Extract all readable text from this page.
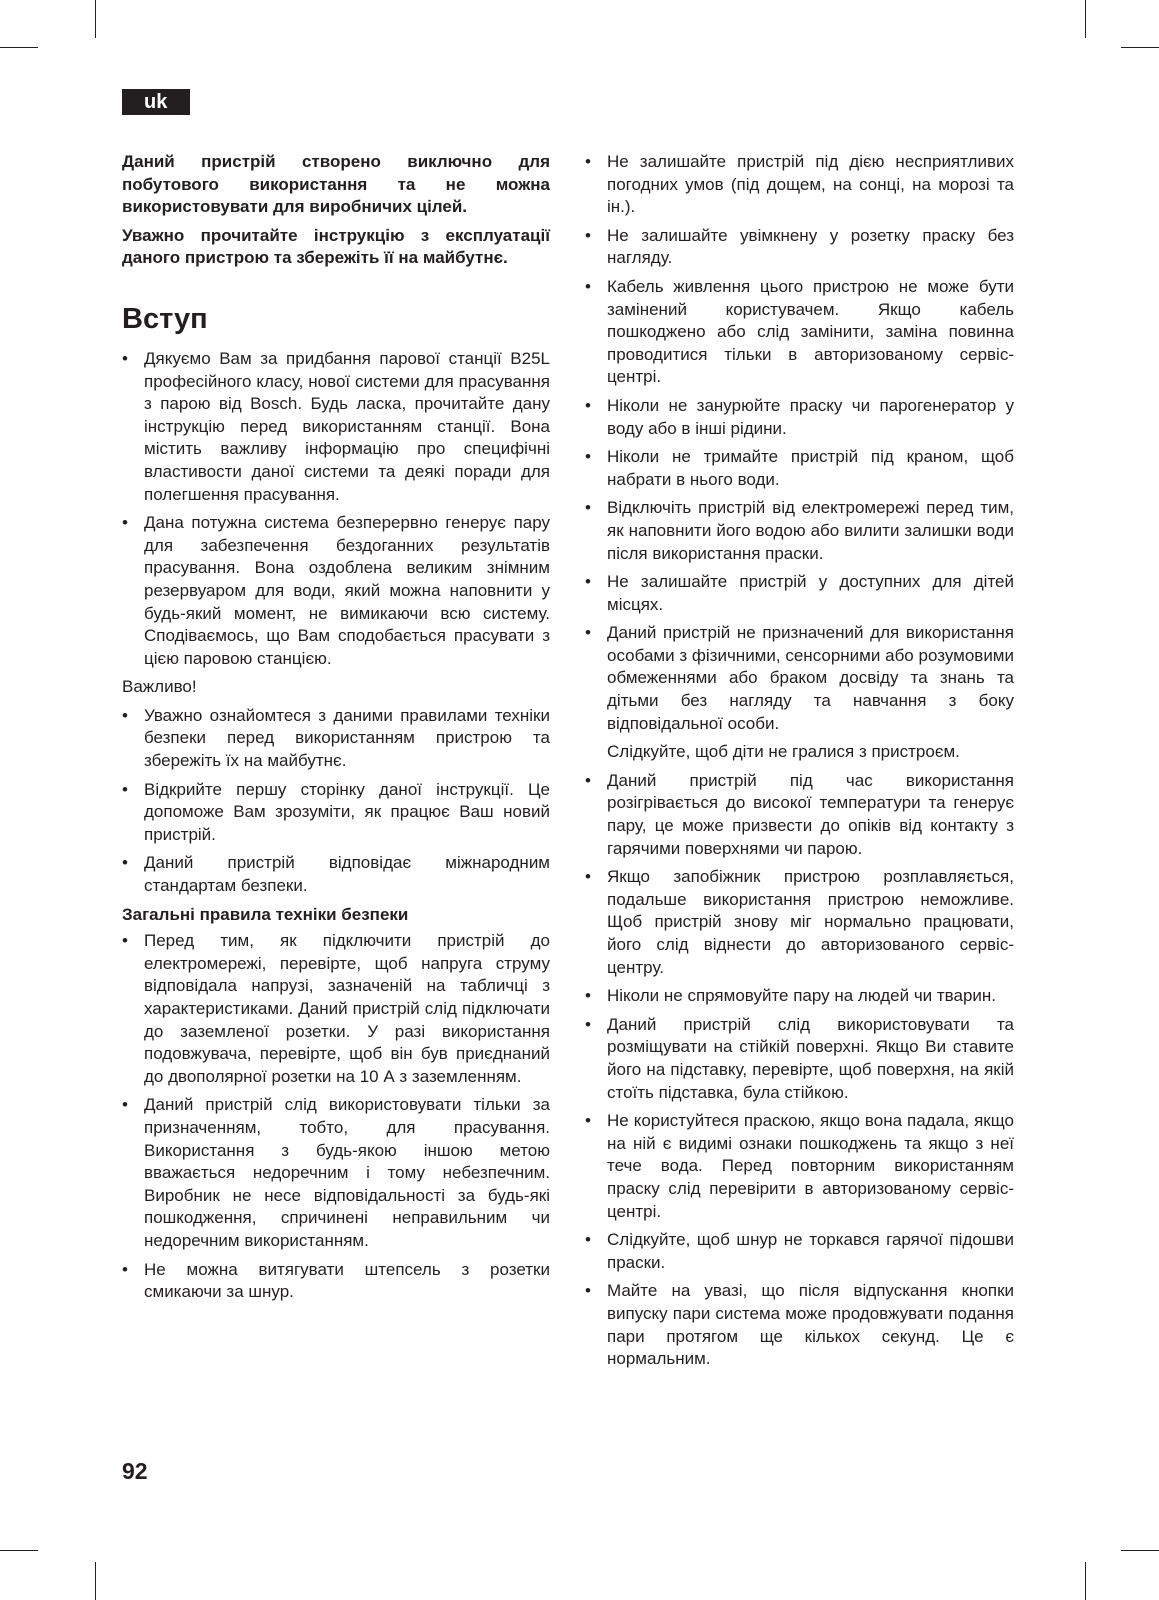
uk

Даний пристрій створено виключно для побутового використання та не можна використовувати для виробничих цілей.

Уважно прочитайте інструкцію з експлуатації даного пристрою та збережіть її на майбутнє.

Вступ
• Дякуємо Вам за придбання парової станції B25L професійного класу, нової системи для прасування з парою від Bosch. Будь ласка, прочитайте дану інструкцію перед використанням станції. Вона містить важливу інформацію про специфічні властивости даної системи та деякі поради для полегшення прасування.
• Дана потужна система безперервно генерує пару для забезпечення бездоганних результатів прасування. Вона оздоблена великим знімним резервуаром для води, який можна наповнити у будь-який момент, не вимикаючи всю систему. Сподіваємось, що Вам сподобається прасувати з цією паровою станцією.

Важливо!

• Уважно ознайомтеся з даними правилами техніки безпеки перед використанням пристрою та збережіть їх на майбутнє.
• Відкрийте першу сторінку даної інструкції. Це допоможе Вам зрозуміти, як працює Ваш новий пристрій.
• Даний пристрій відповідає міжнародним стандартам безпеки.
Загальні правила техніки безпеки
• Перед тим, як підключити пристрій до електромережі, перевірте, щоб напруга струму відповідала напрузі, зазначеній на табличці з характеристиками. Даний пристрій слід підключати до заземленої розетки. У разі використання подовжувача, перевірте, щоб він був приєднаний до двополярної розетки на 10 А з заземленням.
• Даний пристрій слід використовувати тільки за призначенням, тобто, для прасування. Використання з будь-якою іншою метою вважається недоречним і тому небезпечним. Виробник не несе відповідальності за будь-які пошкодження, спричинені неправильним чи недоречним використанням.
• Не можна витягувати штепсель з розетки смикаючи за шнур.
• Не залишайте пристрій під дією несприятливих погодних умов (під дощем, на сонці, на морозі та ін.).
• Не залишайте увімкнену у розетку праску без нагляду.
• Кабель живлення цього пристрою не може бути замінений користувачем. Якщо кабель пошкоджено або слід замінити, заміна повинна проводитися тільки в авторизованому сервіс-центрі.
• Ніколи не занурюйте праску чи парогенератор у воду або в інші рідини.
• Ніколи не тримайте пристрій під краном, щоб набрати в нього води.
• Відключіть пристрій від електромережі перед тим, як наповнити його водою або вилити залишки води після використання праски.
• Не залишайте пристрій у доступних для дітей місцях.
• Даний пристрій не призначений для використання особами з фізичними, сенсорними або розумовими обмеженнями або браком досвіду та знань та дітьми без нагляду та навчання з боку відповідальної особи.

Слідкуйте, щоб діти не гралися з пристроєм.

• Даний пристрій під час використання розігрівається до високої температури та генерує пару, це може призвести до опіків від контакту з гарячими поверхнями чи парою.
• Якщо запобіжник пристрою розплавляється, подальше використання пристрою неможливе. Щоб пристрій знову міг нормально працювати, його слід віднести до авторизованого сервіс-центру.
• Ніколи не спрямовуйте пару на людей чи тварин.
• Даний пристрій слід використовувати та розміщувати на стійкій поверхні. Якщо Ви ставите його на підставку, перевірте, щоб поверхня, на якій стоїть підставка, була стійкою.
• Не користуйтеся праскою, якщо вона падала, якщо на ній є видимі ознаки пошкоджень та якщо з неї тече вода. Перед повторним використанням праску слід перевірити в авторизованому сервіс-центрі.
• Слідкуйте, щоб шнур не торкався гарячої підошви праски.
• Майте на увазі, що після відпускання кнопки випуску пари система може продовжувати подання пари протягом ще кількох секунд. Це є нормальним.
92
